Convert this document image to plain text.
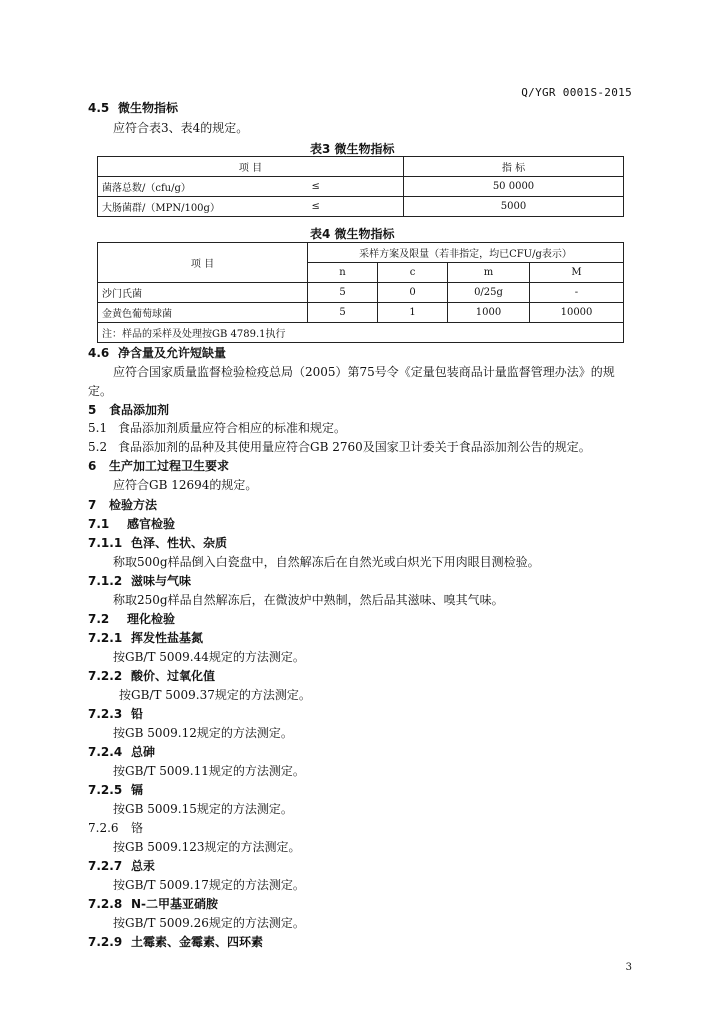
Q/YGR 0001S-2015
4.5 微生物指标
应符合表3、表4的规定。
表3 微生物指标
项 目		指 标
菌落总数/（cfu/g）	≤	50 0000
大肠菌群/（MPN/100g）	≤	5000
表4 微生物指标
项 目	采样方案及限量（若非指定，均已CFU/g表示）			
	n	c	m	M
沙门氏菌	5	0	0/25g	-
金黄色葡萄球菌	5	1	1000	10000
注：样品的采样及处理按GB 4789.1执行				
4.6 净含量及允许短缺量
应符合国家质量监督检验检疫总局（2005）第75号令《定量包装商品计量监督管理办法》的规
定。
5 食品添加剂
5.1 食品添加剂质量应符合相应的标准和规定。
5.2 食品添加剂的品种及其使用量应符合GB 2760及国家卫计委关于食品添加剂公告的规定。
6 生产加工过程卫生要求
应符合GB 12694的规定。
7 检验方法
7.1 感官检验
7.1.1 色泽、性状、杂质
称取500g样品倒入白瓷盘中，自然解冻后在自然光或白炽光下用肉眼目测检验。
7.1.2 滋味与气味
称取250g样品自然解冻后，在微波炉中熟制，然后品其滋味、嗅其气味。
7.2 理化检验
7.2.1 挥发性盐基氮
按GB/T 5009.44规定的方法测定。
7.2.2 酸价、过氧化值
按GB/T 5009.37规定的方法测定。
7.2.3 铅
按GB 5009.12规定的方法测定。
7.2.4 总砷
按GB/T 5009.11规定的方法测定。
7.2.5 镉
按GB 5009.15规定的方法测定。
7.2.6 铬
按GB 5009.123规定的方法测定。
7.2.7 总汞
按GB/T 5009.17规定的方法测定。
7.2.8 N-二甲基亚硝胺
按GB/T 5009.26规定的方法测定。
7.2.9 土霉素、金霉素、四环素
3
